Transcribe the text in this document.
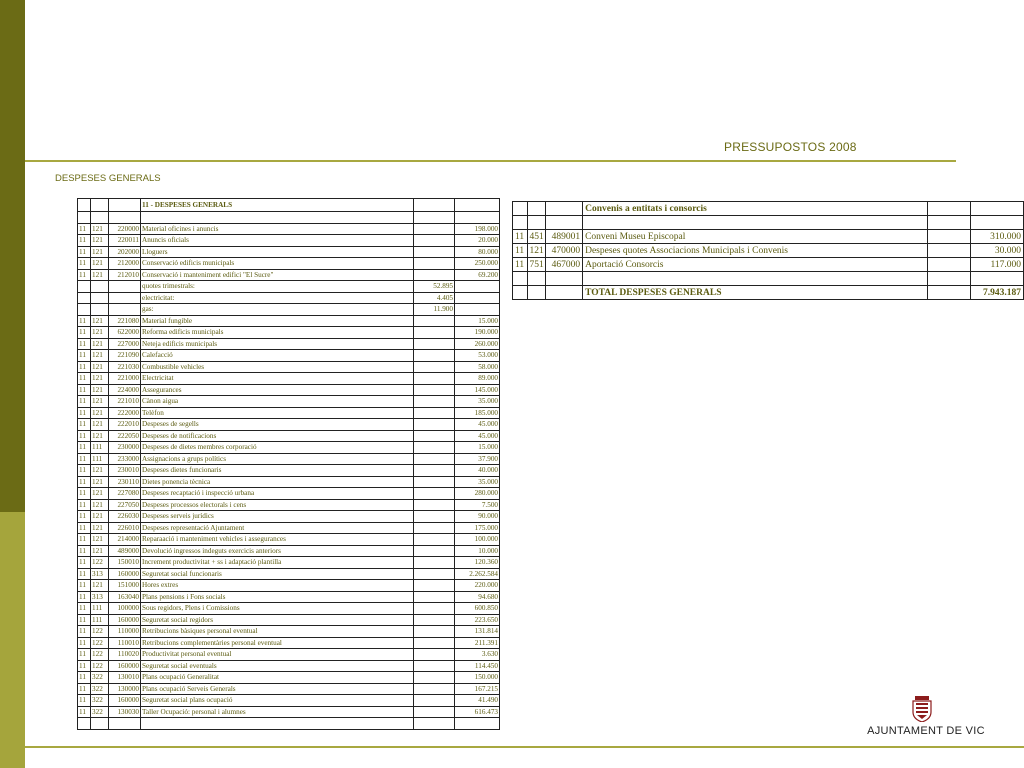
PRESSUPOSTOS 2008
DESPESES GENERALS
			11 - DESPESES GENERALS		

11	121	220000	Material oficines i anuncis		198.000
11	121	220011	Anuncis oficials		20.000
11	121	202000	Lloguers		80.000
11	121	212000	Conservació edificis municipals		250.000
11	121	212010	Conservació i manteniment edifici "El Sucre"		69.200
			quotes trimestrals:	52.895	
			electricitat:	4.405	
			gas:	11.900	
11	121	221080	Material fungible		15.000
11	121	622000	Reforma edificis municipals		190.000
11	121	227000	Neteja edificis municipals		260.000
11	121	221090	Calefacció		53.000
11	121	221030	Combustible vehicles		58.000
11	121	221000	Electricitat		89.000
11	121	224000	Assegurances		145.000
11	121	221010	Cànon aigua		35.000
11	121	222000	Telèfon		185.000
11	121	222010	Despeses de segells		45.000
11	121	222050	Despeses de notificacions		45.000
11	111	230000	Despeses de dietes membres corporació		15.000
11	111	233000	Assignacions a grups polítics		37.900
11	121	230010	Despeses dietes funcionaris		40.000
11	121	230110	Dietes ponencia tècnica		35.000
11	121	227080	Despeses recaptació i inspecció urbana		280.000
11	121	227050	Despeses processos electorals i cens		7.500
11	121	226030	Despeses serveis jurídics		90.000
11	121	226010	Despeses representació Ajuntament		175.000
11	121	214000	Reparaació i manteniment vehicles i assegurances		100.000
11	121	489000	Devolució ingressos indeguts exercicis anteriors		10.000
11	122	150010	Increment productivitat + ss i adaptació plantilla		120.360
11	313	160000	Seguretat social funcionaris		2.262.584
11	121	151000	Hores extres		220.000
11	313	163040	Plans pensions i Fons socials		94.680
11	111	100000	Sous regidors, Plens i Comissions		600.850
11	111	160000	Seguretat social regidors		223.650
11	122	110000	Retribucions bàsiques personal eventual		131.814
11	122	110010	Retribucions complementàries personal eventual		211.391
11	122	110020	Productivitat personal eventual		3.630
11	122	160000	Seguretat social eventuals		114.450
11	322	130010	Plans ocupació Generalitat		150.000
11	322	130000	Plans ocupació Serveis Generals		167.215
11	322	160000	Seguretat social plans ocupació		41.490
11	322	130030	Taller Ocupació: personal i alumnes		616.473

			Convenis a entitats i consorcis		

11	451	489001	Conveni Museu Episcopal		310.000
11	121	470000	Despeses quotes Associacions Municipals i Convenis		30.000
11	751	467000	Aportació Consorcis		117.000

			TOTAL DESPESES GENERALS		7.943.187
AJUNTAMENT DE VIC
